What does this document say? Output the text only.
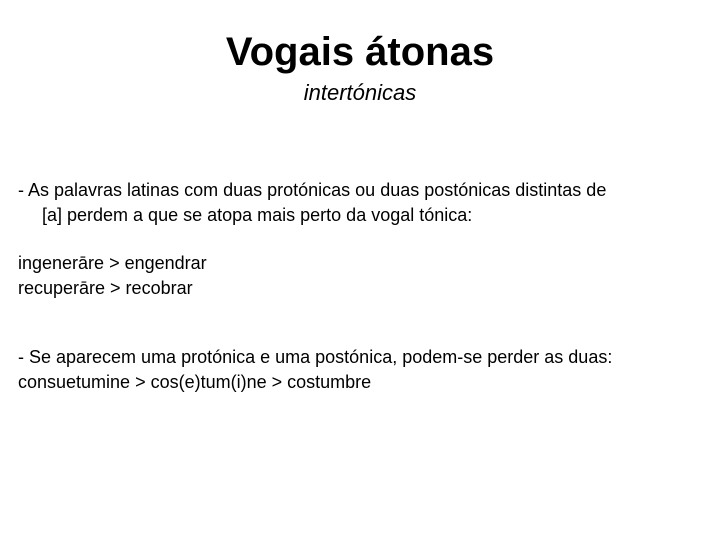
Vogais átonas

intertónicas

- As palavras latinas com duas protónicas ou duas postónicas distintas de
[a] perdem a que se atopa mais perto da vogal tónica:
ingenerāre > engendrar
recuperāre > recobrar
- Se aparecem uma protónica e uma postónica, podem-se perder as duas:
consuetumine > cos(e)tum(i)ne > costumbre
